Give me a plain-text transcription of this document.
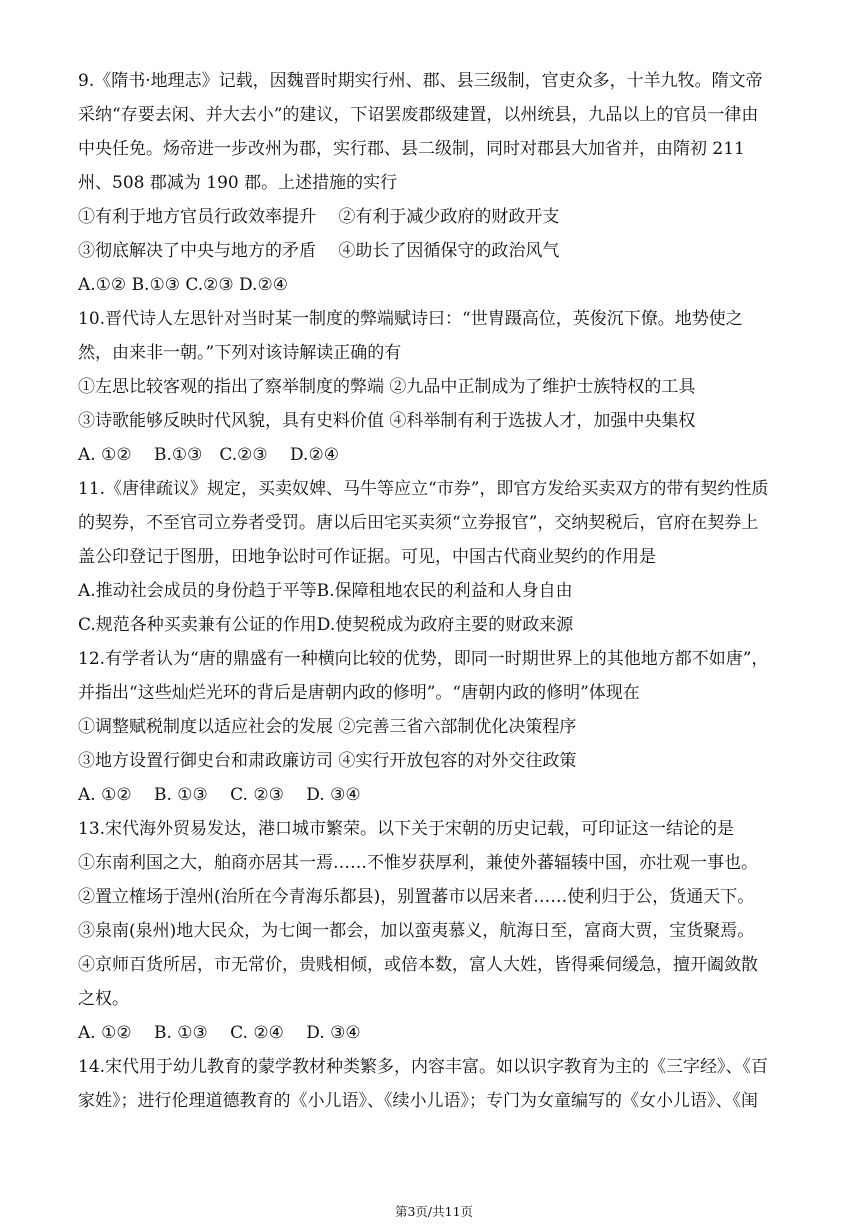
9.《隋书·地理志》记载，因魏晋时期实行州、郡、县三级制，官吏众多，十羊九牧。隋文帝
采纳“存要去闲、并大去小”的建议，下诏罢废郡级建置，以州统县，九品以上的官员一律由
中央任免。炀帝进一步改州为郡，实行郡、县二级制，同时对郡县大加省并，由隋初 211
州、508 郡减为 190 郡。上述措施的实行
①有利于地方官员行政效率提升　 ②有利于减少政府的财政开支
③彻底解决了中央与地方的矛盾　 ④助长了因循保守的政治风气
A.①② B.①③ C.②③ D.②④
10.晋代诗人左思针对当时某一制度的弊端赋诗曰：“世胄蹑高位，英俊沉下僚。地势使之
然，由来非一朝。”下列对该诗解读正确的有
①左思比较客观的指出了察举制度的弊端 ②九品中正制成为了维护士族特权的工具
③诗歌能够反映时代风貌，具有史料价值 ④科举制有利于选拔人才，加强中央集权
A. ①②　 B.①③　C.②③　 D.②④
11.《唐律疏议》规定，买卖奴婢、马牛等应立“市券”，即官方发给买卖双方的带有契约性质
的契券，不至官司立券者受罚。唐以后田宅买卖须“立券报官”，交纳契税后，官府在契券上
盖公印登记于图册，田地争讼时可作证据。可见，中国古代商业契约的作用是
A.推动社会成员的身份趋于平等B.保障租地农民的利益和人身自由
C.规范各种买卖兼有公证的作用D.使契税成为政府主要的财政来源
12.有学者认为“唐的鼎盛有一种横向比较的优势，即同一时期世界上的其他地方都不如唐”，
并指出“这些灿烂光环的背后是唐朝内政的修明”。“唐朝内政的修明”体现在
①调整赋税制度以适应社会的发展 ②完善三省六部制优化决策程序
③地方设置行御史台和肃政廉访司 ④实行开放包容的对外交往政策
A. ①②　 B. ①③　 C. ②③　 D. ③④
13.宋代海外贸易发达，港口城市繁荣。以下关于宋朝的历史记载，可印证这一结论的是
①东南利国之大，舶商亦居其一焉……不惟岁获厚利，兼使外蕃辐辏中国，亦壮观一事也。
②置立榷场于湟州(治所在今青海乐都县)，别置蕃市以居来者……使利归于公，货通天下。
③泉南(泉州)地大民众，为七闽一都会，加以蛮夷慕义，航海日至，富商大贾，宝货聚焉。
④京师百货所居，市无常价，贵贱相倾，或倍本数，富人大姓，皆得乘伺缓急，擅开阖敛散
之权。
A. ①②　 B. ①③　 C. ②④　 D. ③④
14.宋代用于幼儿教育的蒙学教材种类繁多，内容丰富。如以识字教育为主的《三字经》、《百
家姓》；进行伦理道德教育的《小儿语》、《续小儿语》；专门为女童编写的《女小儿语》、《闺
第3页/共11页
